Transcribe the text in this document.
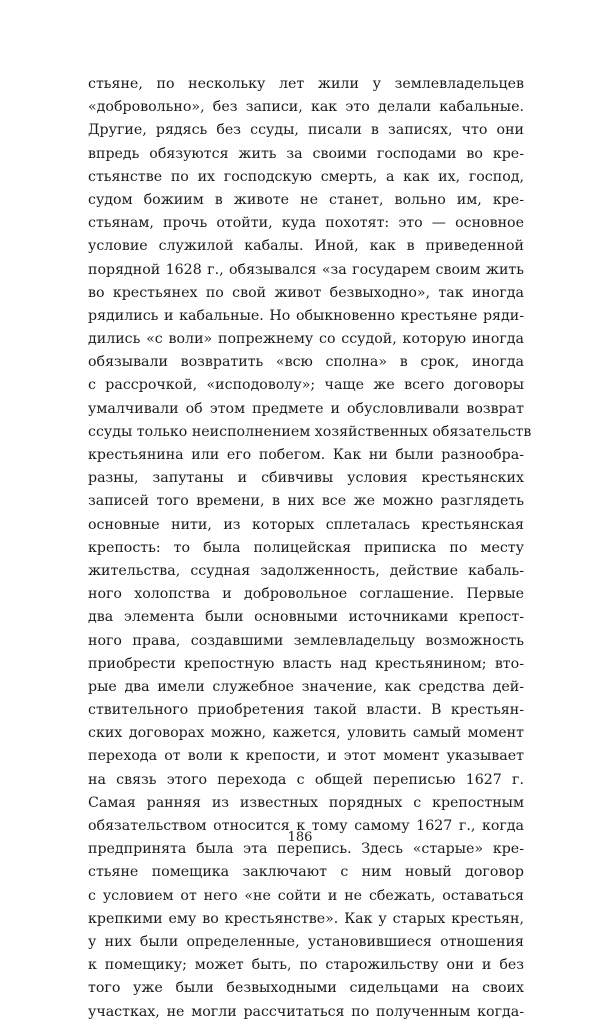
стьяне, по нескольку лет жили у землевладельцев
«добровольно», без записи, как это делали кабальные.
Другие, рядясь без ссуды, писали в записях, что они
впредь обязуются жить за своими господами во кре-
стьянстве по их господскую смерть, а как их, господ,
судом божиим в животе не станет, вольно им, кре-
стьянам, прочь отойти, куда похотят: это — основное
условие служилой кабалы. Иной, как в приведенной
порядной 1628 г., обязывался «за государем своим жить
во крестьянех по свой живот безвыходно», так иногда
рядились и кабальные. Но обыкновенно крестьяне ряди-
дились «с воли» попрежнему со ссудой, которую иногда
обязывали возвратить «всю сполна» в срок, иногда
с рассрочкой, «исподоволу»; чаще же всего договоры
умалчивали об этом предмете и обусловливали возврат
ссуды только неисполнением хозяйственных обязательств
крестьянина или его побегом. Как ни были разнообра-
разны, запутаны и сбивчивы условия крестьянских
записей того времени, в них все же можно разглядеть
основные нити, из которых сплеталась крестьянская
крепость: то была полицейская приписка по месту
жительства, ссудная задолженность, действие кабаль-
ного холопства и добровольное соглашение. Первые
два элемента были основными источниками крепост-
ного права, создавшими землевладельцу возможность
приобрести крепостную власть над крестьянином; вто-
рые два имели служебное значение, как средства дей-
ствительного приобретения такой власти. В крестьян-
ских договорах можно, кажется, уловить самый момент
перехода от воли к крепости, и этот момент указывает
на связь этого перехода с общей переписью 1627 г.
Самая ранняя из известных порядных с крепостным
обязательством относится к тому самому 1627 г., когда
предпринята была эта перепись. Здесь «старые» кре-
стьяне помещика заключают с ним новый договор
с условием от него «не сойти и не сбежать, оставаться
крепкими ему во крестьянстве». Как у старых крестьян,
у них были определенные, установившиеся отношения
к помещику; может быть, по старожильству они и без
того уже были безвыходными сидельцами на своих
участках, не могли рассчитаться по полученным когда-
186
